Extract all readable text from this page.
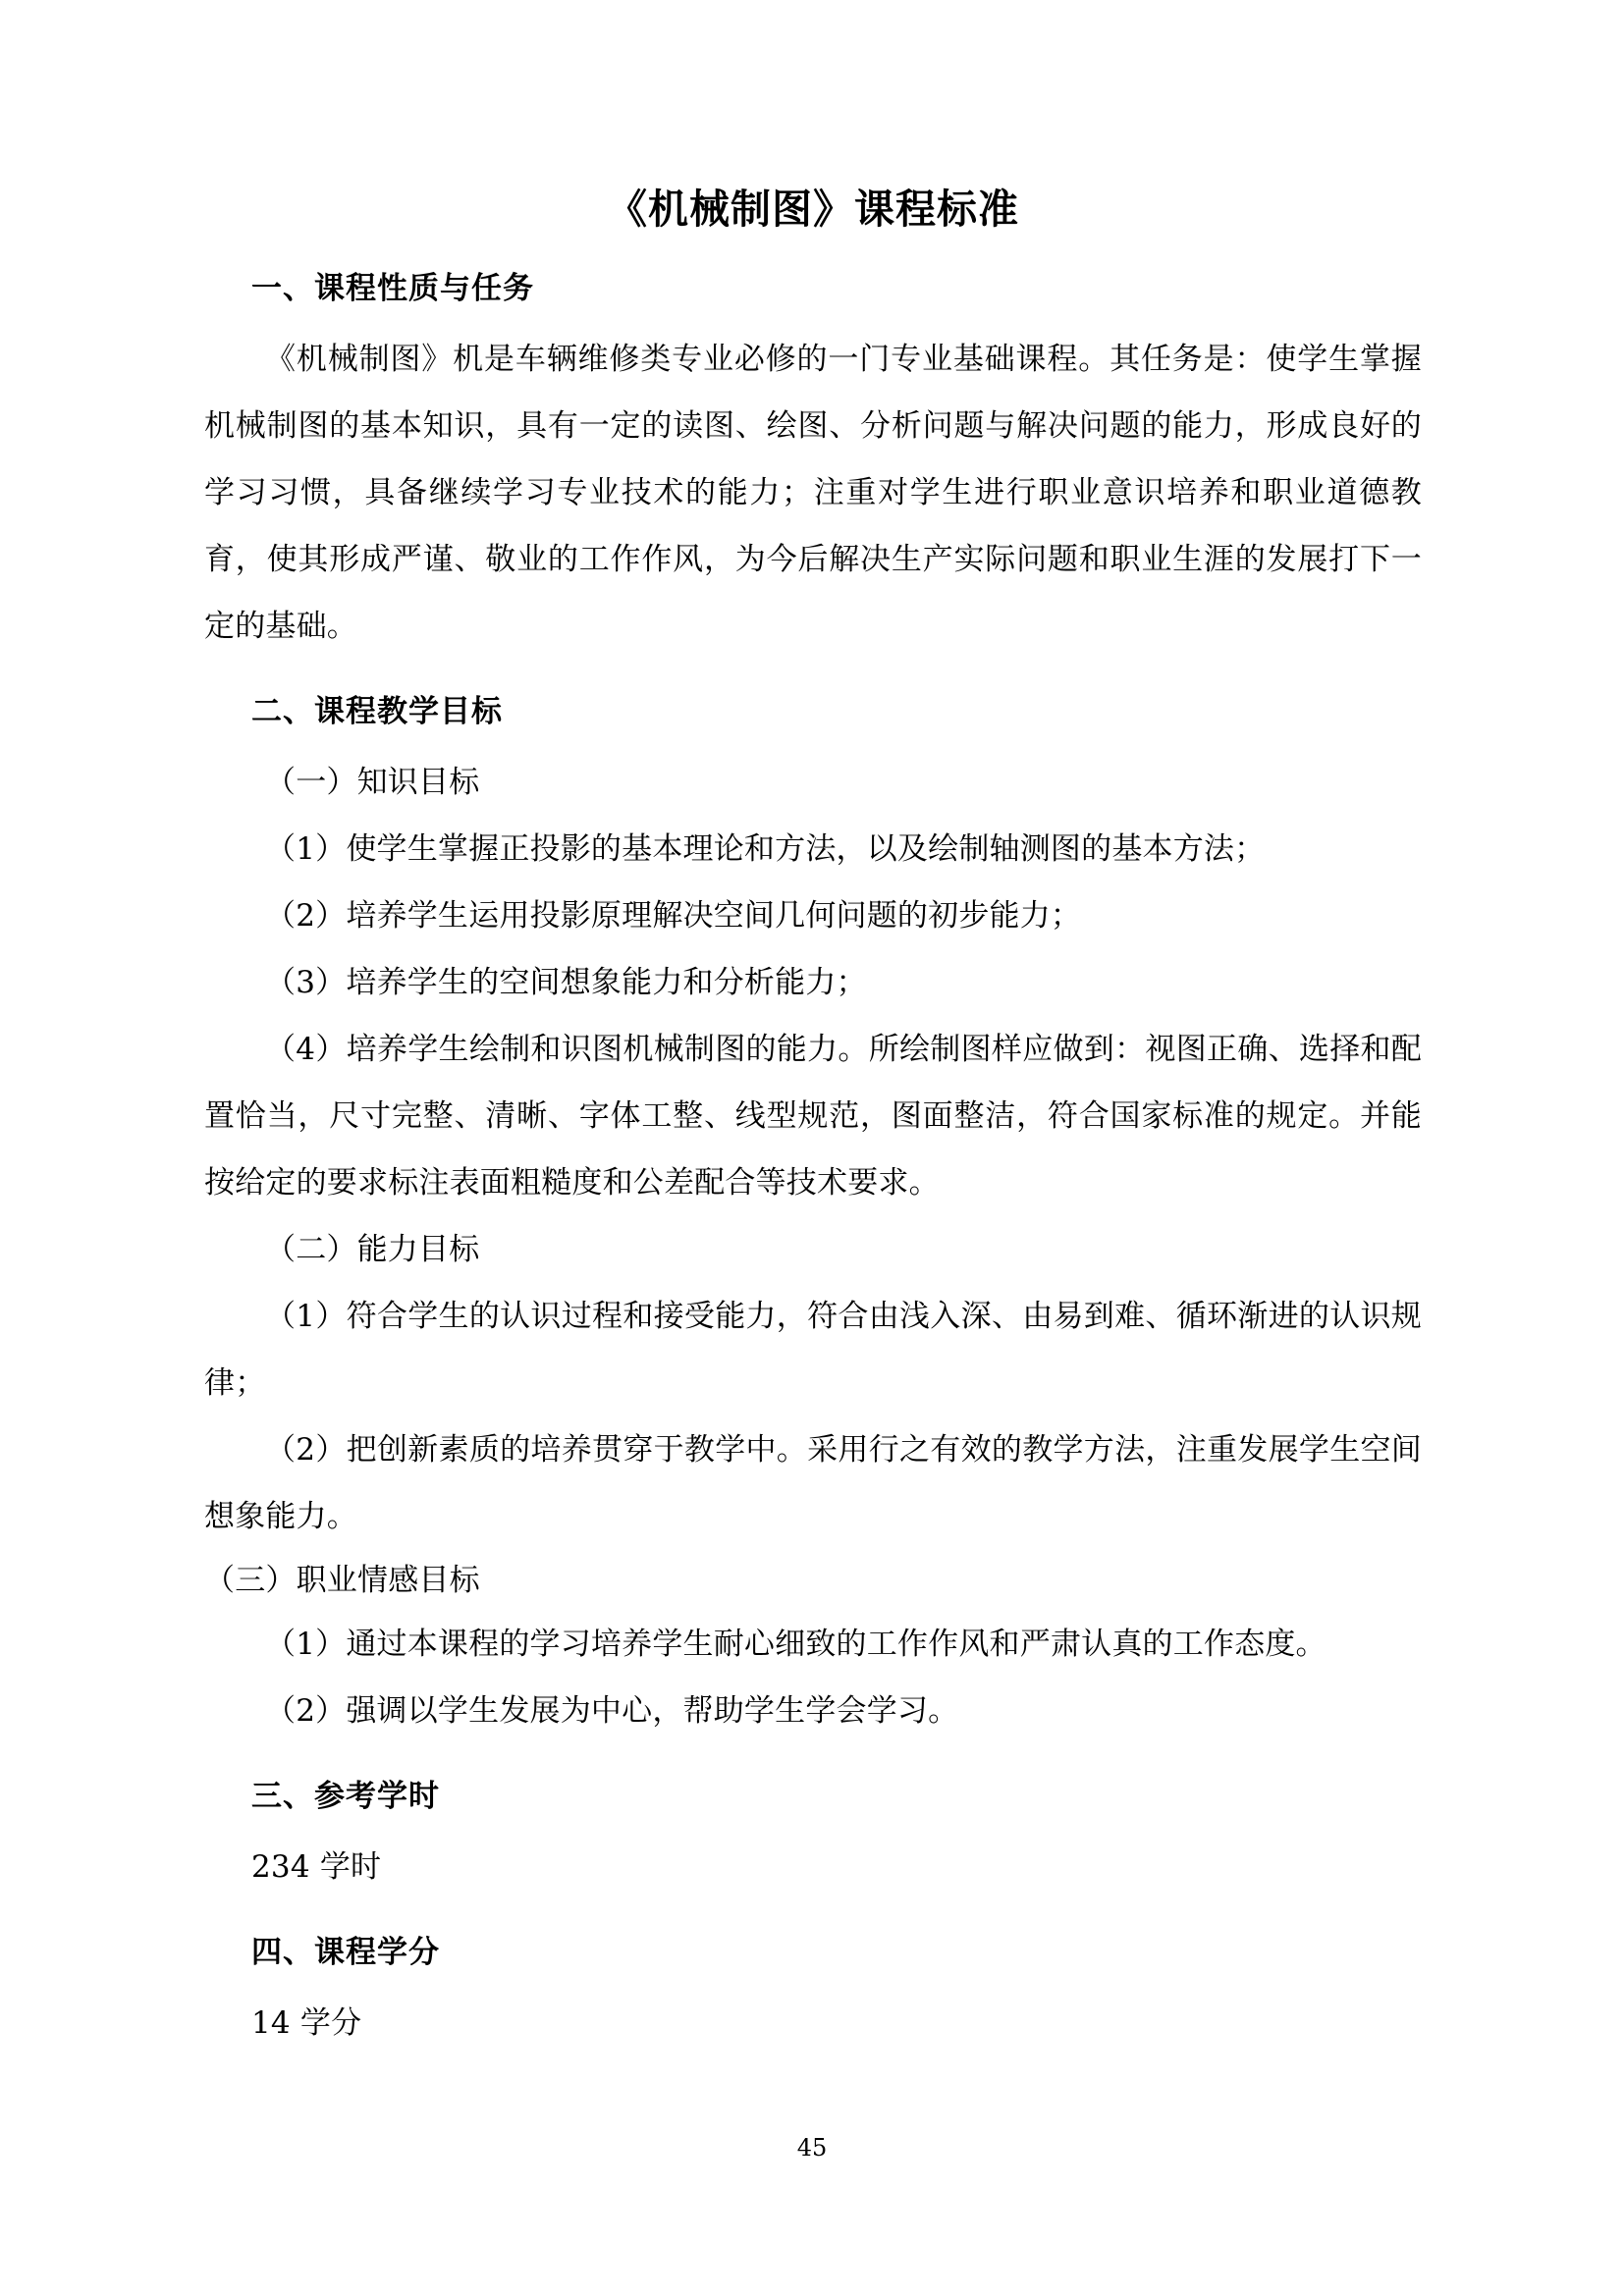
《机械制图》课程标准
一、课程性质与任务

《机械制图》机是车辆维修类专业必修的一门专业基础课程。其任务是：使学生掌握机械制图的基本知识，具有一定的读图、绘图、分析问题与解决问题的能力，形成良好的学习习惯，具备继续学习专业技术的能力；注重对学生进行职业意识培养和职业道德教育，使其形成严谨、敬业的工作作风，为今后解决生产实际问题和职业生涯的发展打下一定的基础。

二、课程教学目标

（一）知识目标

（1）使学生掌握正投影的基本理论和方法，以及绘制轴测图的基本方法；

（2）培养学生运用投影原理解决空间几何问题的初步能力；

（3）培养学生的空间想象能力和分析能力；

（4）培养学生绘制和识图机械制图的能力。所绘制图样应做到：视图正确、选择和配置恰当，尺寸完整、清晰、字体工整、线型规范，图面整洁，符合国家标准的规定。并能按给定的要求标注表面粗糙度和公差配合等技术要求。

（二）能力目标

（1）符合学生的认识过程和接受能力，符合由浅入深、由易到难、循环渐进的认识规律；

（2）把创新素质的培养贯穿于教学中。采用行之有效的教学方法，注重发展学生空间想象能力。

（三）职业情感目标

（1）通过本课程的学习培养学生耐心细致的工作作风和严肃认真的工作态度。

（2）强调以学生发展为中心，帮助学生学会学习。

三、参考学时

234 学时

四、课程学分

14 学分

45
